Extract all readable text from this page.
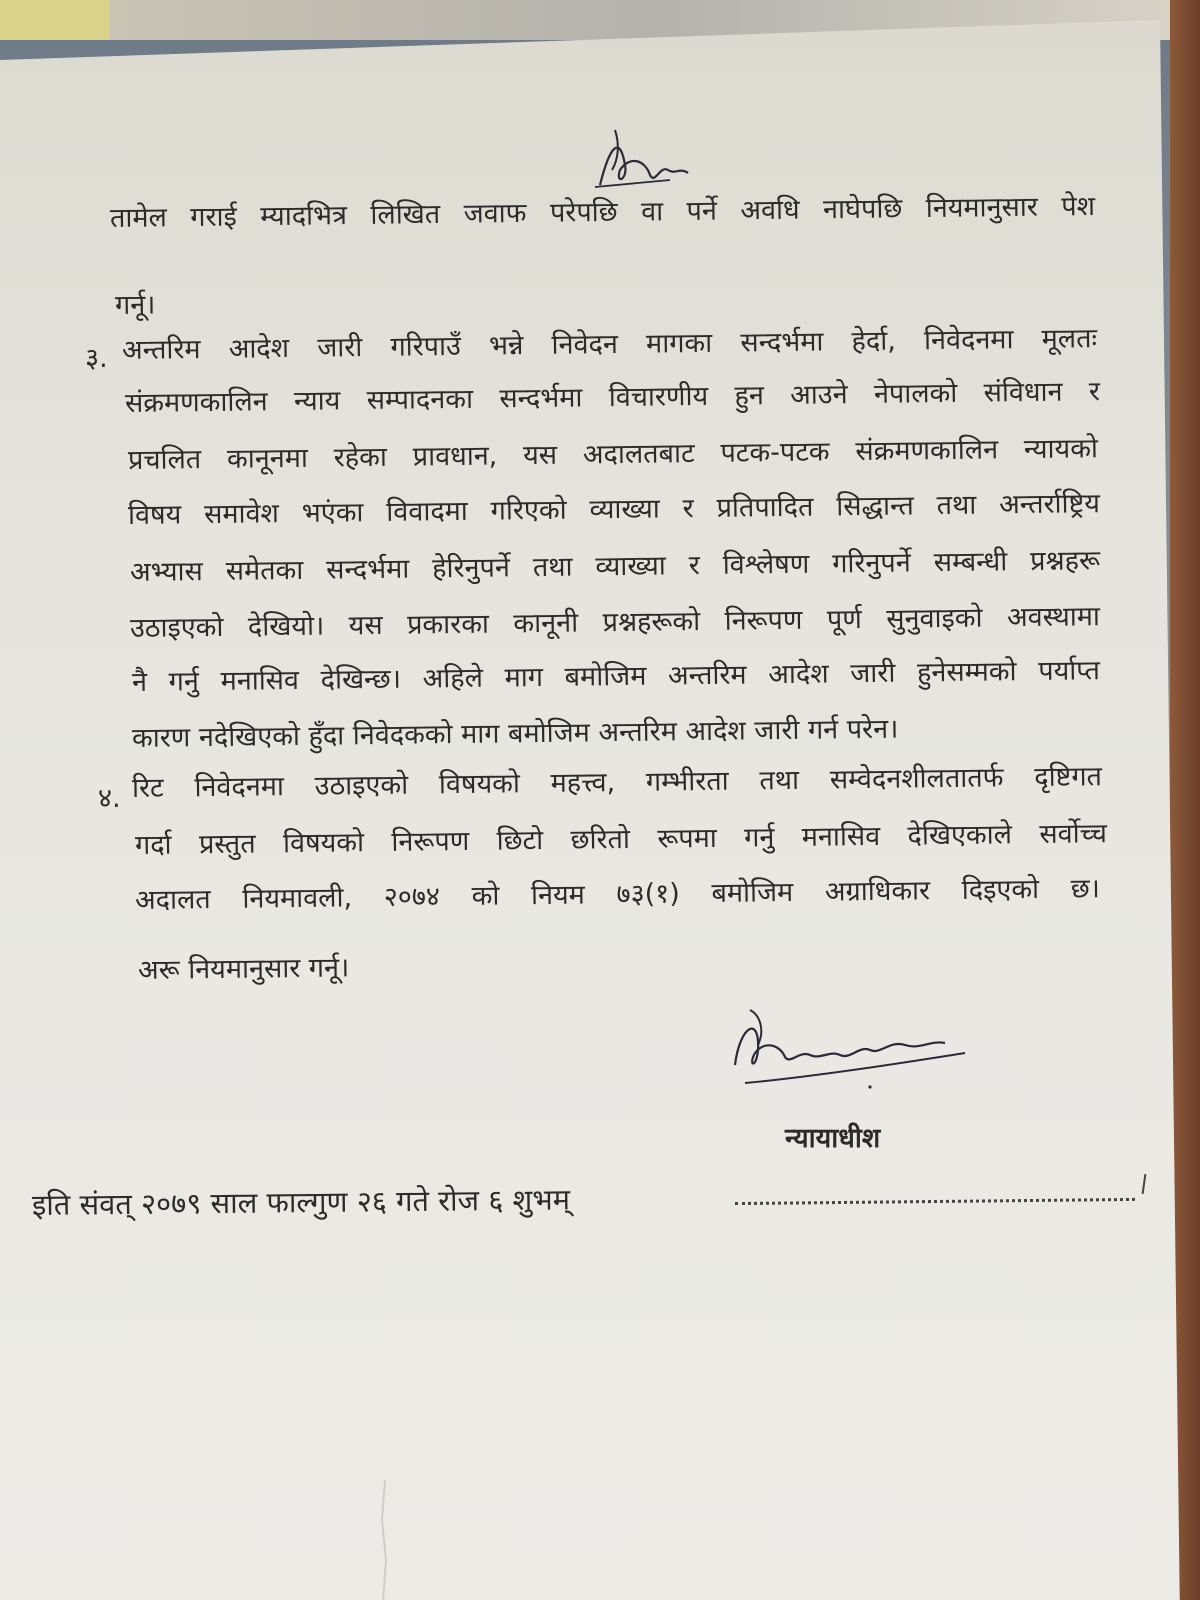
तामेल गराई म्यादभित्र लिखित जवाफ परेपछि वा पर्ने अवधि नाघेपछि नियमानुसार पेश
गर्नू।
३. अन्तरिम आदेश जारी गरिपाउँ भन्ने निवेदन मागका सन्दर्भमा हेर्दा, निवेदनमा मूलतः
संक्रमणकालिन न्याय सम्पादनका सन्दर्भमा विचारणीय हुन आउने नेपालको संविधान र
प्रचलित कानूनमा रहेका प्रावधान, यस अदालतबाट पटक-पटक संक्रमणकालिन न्यायको
विषय समावेश भएंका विवादमा गरिएको व्याख्या र प्रतिपादित सिद्धान्त तथा अन्तर्राष्ट्रिय
अभ्यास समेतका सन्दर्भमा हेरिनुपर्ने तथा व्याख्या र विश्लेषण गरिनुपर्ने सम्बन्धी प्रश्नहरू
उठाइएको देखियो। यस प्रकारका कानूनी प्रश्नहरूको निरूपण पूर्ण सुनुवाइको अवस्थामा
नै गर्नु मनासिव देखिन्छ। अहिले माग बमोजिम अन्तरिम आदेश जारी हुनेसम्मको पर्याप्त
कारण नदेखिएको हुँदा निवेदकको माग बमोजिम अन्तरिम आदेश जारी गर्न परेन।
४. रिट निवेदनमा उठाइएको विषयको महत्त्व, गम्भीरता तथा सम्वेदनशीलतातर्फ दृष्टिगत
गर्दा प्रस्तुत विषयको निरूपण छिटो छरितो रूपमा गर्नु मनासिव देखिएकाले सर्वोच्च
अदालत नियमावली, २०७४ को नियम ७३(१) बमोजिम अग्राधिकार दिइएको छ।
अरू नियमानुसार गर्नू।
न्यायाधीश
इति संवत् २०७९ साल फाल्गुण २६ गते रोज ६ शुभम्
